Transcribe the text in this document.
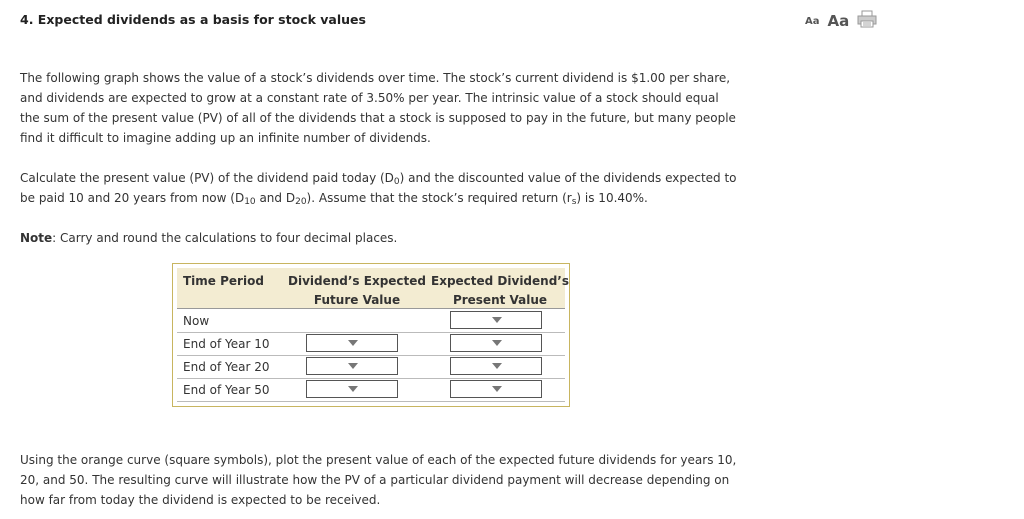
4. Expected dividends as a basis for stock values	Aa Aa

The following graph shows the value of a stock’s dividends over time. The stock’s current dividend is $1.00 per share, and dividends are expected to grow at a constant rate of 3.50% per year. The intrinsic value of a stock should equal the sum of the present value (PV) of all of the dividends that a stock is supposed to pay in the future, but many people find it difficult to imagine adding up an infinite number of dividends.

Calculate the present value (PV) of the dividend paid today $(D_0)$ and the discounted value of the dividends expected to be paid 10 and 20 years from now ($D_{10}$ and $D_{20}$). Assume that the stock’s required return $(r_s)$ is 10.40%.

Note: Carry and round the calculations to four decimal places.

Time Period Dividend’s Expected
Future Value
Expected Dividend’s
Present Value
Now
End of Year 10
End of Year 20
End of Year 50

Using the orange curve (square symbols), plot the present value of each of the expected future dividends for years 10, 20, and 50. The resulting curve will illustrate how the PV of a particular dividend payment will decrease depending on how far from today the dividend is expected to be received.
